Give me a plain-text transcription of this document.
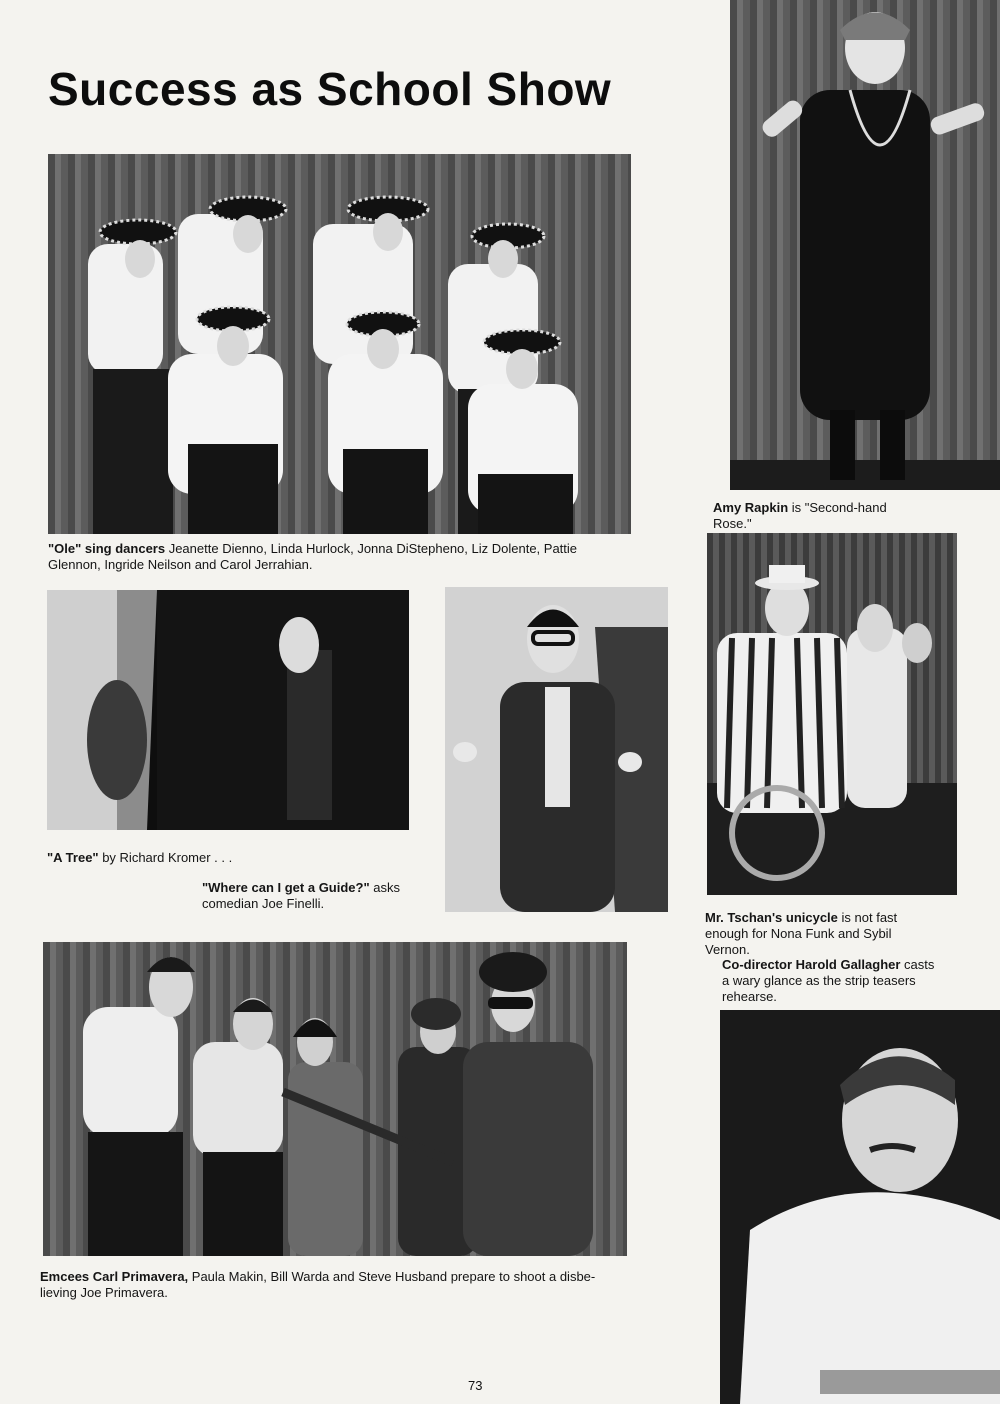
Success as School Show

"Ole" sing dancers Jeanette Dienno, Linda Hurlock, Jonna DiStepheno, Liz Dolente, Pattie
Glennon, Ingride Neilson and Carol Jerrahian.

Amy Rapkin is "Second-hand
Rose."

"A Tree" by Richard Kromer . . .

"Where can I get a Guide?" asks
comedian Joe Finelli.

Mr. Tschan's unicycle is not fast
enough for Nona Funk and Sybil
Vernon.

Co-director Harold Gallagher casts
a wary glance as the strip teasers
rehearse.

Emcees Carl Primavera, Paula Makin, Bill Warda and Steve Husband prepare to shoot a disbe-
lieving Joe Primavera.

73
